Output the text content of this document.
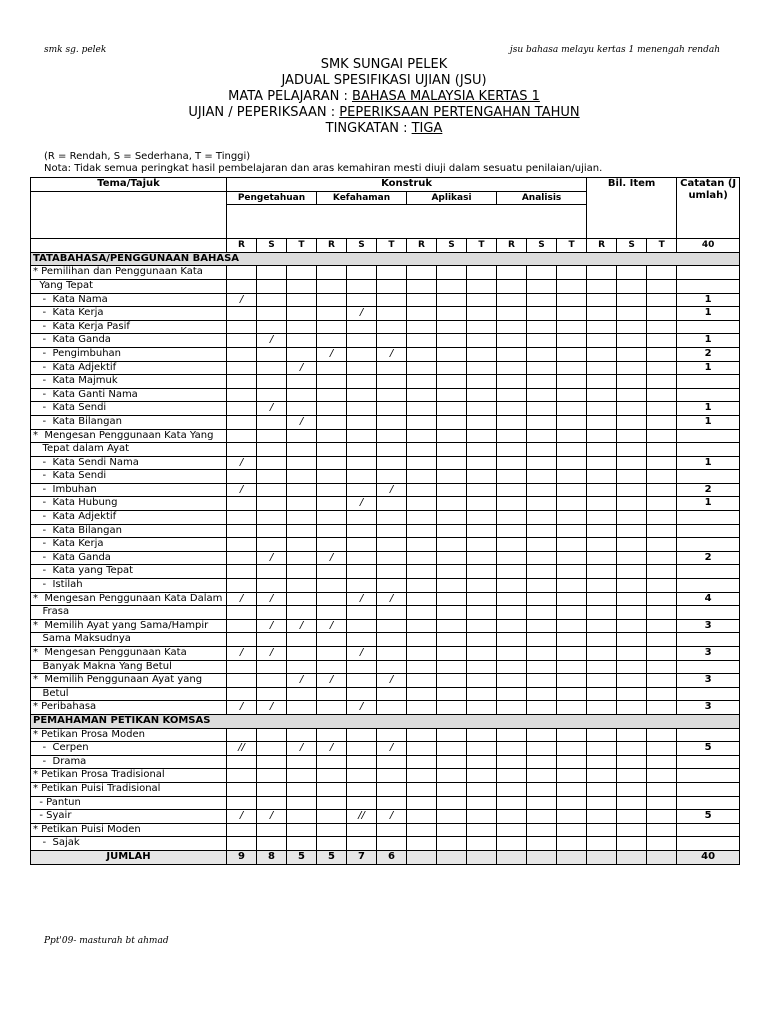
smk sg. pelek	jsu bahasa melayu kertas 1 menengah rendah
SMK SUNGAI PELEK
JADUAL SPESIFIKASI UJIAN (JSU)
MATA PELAJARAN : BAHASA MALAYSIA KERTAS 1
UJIAN / PEPERIKSAAN : PEPERIKSAAN PERTENGAHAN TAHUN
TINGKATAN : TIGA
(R = Rendah, S = Sederhana, T = Tinggi)
Nota: Tidak semua peringkat hasil pembelajaran dan aras kemahiran mesti diuji dalam sesuatu penilaian/ujian.
Tema/Tajuk	Konstruk												Bil. Item			Catatan (Jumlah)
	Pengetahuan			Kefahaman			Aplikasi			Analisis						

	R	S	T	R	S	T	R	S	T	R	S	T	R	S	T	40
TATABAHASA/PENGGUNAAN BAHASA																
* Pemilihan dan Penggunaan Kata																
Yang Tepat																
-  Kata Nama	/															1
-  Kata Kerja					/											1
-  Kata Kerja Pasif																
-  Kata Ganda		/														1
-  Pengimbuhan				/		/										2
-  Kata Adjektif			/													1
-  Kata Majmuk																
-  Kata Ganti Nama																
-  Kata Sendi		/														1
-  Kata Bilangan			/													1
*  Mengesan Penggunaan Kata Yang																
Tepat dalam Ayat																
-  Kata Sendi Nama	/															1
-  Kata Sendi																
-  Imbuhan	/					/										2
-  Kata Hubung					/											1
-  Kata Adjektif																
-  Kata Bilangan																
-  Kata Kerja																
-  Kata Ganda		/		/												2
-  Kata yang Tepat																
-  Istilah																
*  Mengesan Penggunaan Kata Dalam	/	/			/	/										4
Frasa																
*  Memilih Ayat yang Sama/Hampir		/	/	/												3
Sama Maksudnya																
*  Mengesan Penggunaan Kata	/	/			/											3
Banyak Makna Yang Betul																
*  Memilih Penggunaan Ayat yang			/	/		/										3
Betul																
* Peribahasa	/	/			/											3
PEMAHAMAN PETIKAN KOMSAS																
* Petikan Prosa Moden																
-  Cerpen	//		/	/		/										5
-  Drama																
* Petikan Prosa Tradisional																
* Petikan Puisi Tradisional																
- Pantun																
- Syair	/	/			//	/										5
* Petikan Puisi Moden																
-  Sajak																
JUMLAH	9	8	5	5	7	6										40
Ppt'09- masturah bt ahmad
